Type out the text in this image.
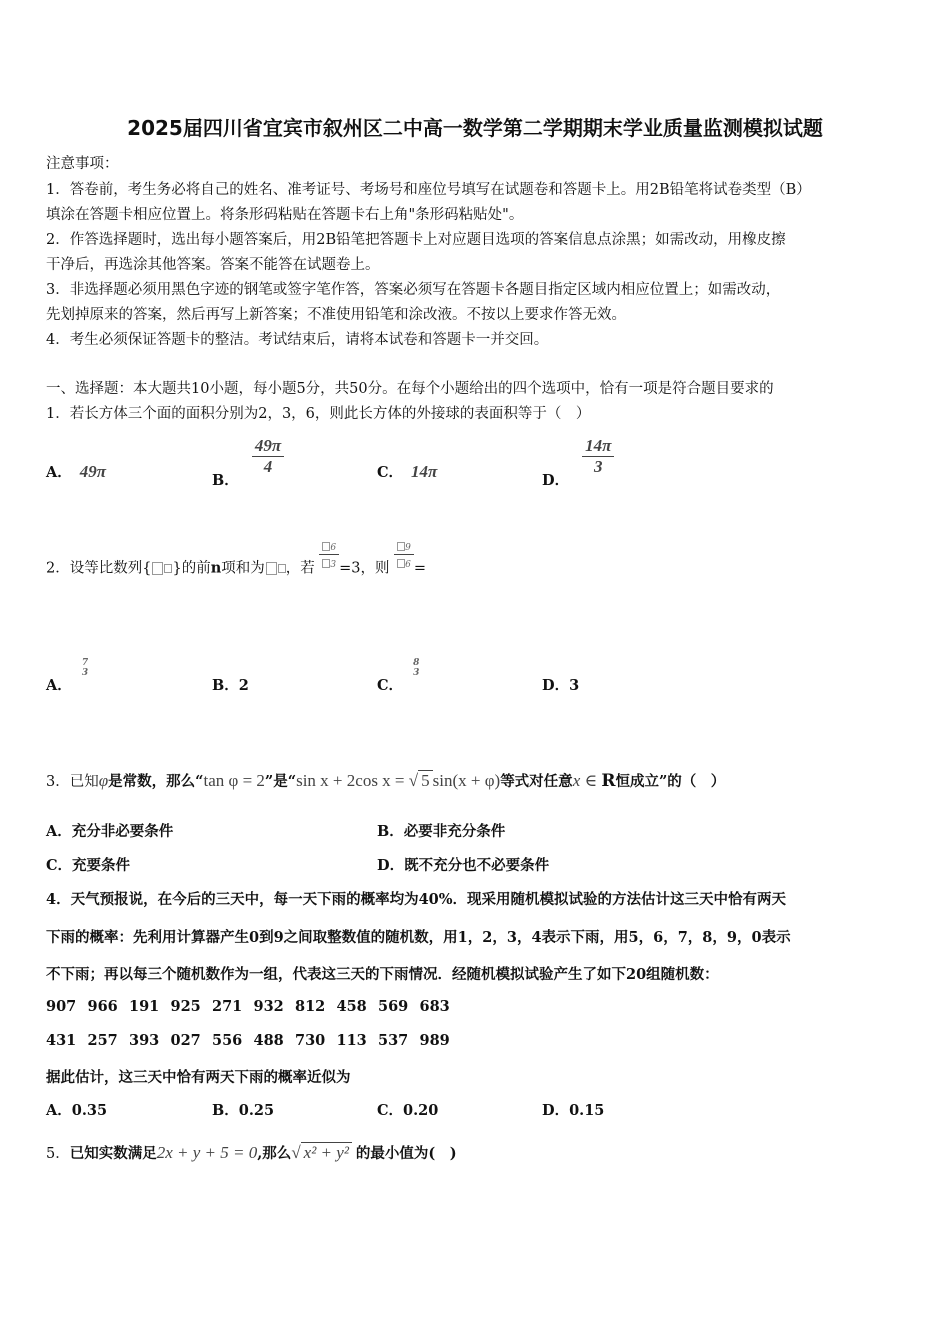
2025届四川省宜宾市叙州区二中高一数学第二学期期末学业质量监测模拟试题
注意事项：
1．答卷前，考生务必将自己的姓名、准考证号、考场号和座位号填写在试题卷和答题卡上。用2B铅笔将试卷类型（B）
填涂在答题卡相应位置上。将条形码粘贴在答题卡右上角"条形码粘贴处"。
2．作答选择题时，选出每小题答案后，用2B铅笔把答题卡上对应题目选项的答案信息点涂黑；如需改动，用橡皮擦
干净后，再选涂其他答案。答案不能答在试题卷上。
3．非选择题必须用黑色字迹的钢笔或签字笔作答，答案必须写在答题卡各题目指定区域内相应位置上；如需改动，
先划掉原来的答案，然后再写上新答案；不准使用铅笔和涂改液。不按以上要求作答无效。
4．考生必须保证答题卡的整洁。考试结束后，请将本试卷和答题卡一并交回。
一、选择题：本大题共10小题，每小题5分，共50分。在每个小题给出的四个选项中，恰有一项是符合题目要求的
1．若长方体三个面的面积分别为2，3，6，则此长方体的外接球的表面积等于（　）
A． 49π	B．
$\frac{49\pi}{4}$	C． 14π	D．
$\frac{14\pi}{3}$
2．设等比数列{ }的前n项和为 ，若 $\frac{6}{3} =3$，则 $\frac{9}{6}$ =
A．
7
3
B．2	C．
8
3
D．3
3．已知φ是常数，那么“tan φ = 2”是“sin x + 2cos x = √ 5 sin(x + φ)等式对任意x ∈ R恒成立”的（　）
A．充分非必要条件	B．必要非充分条件
C．充要条件	D．既不充分也不必要条件
4．天气预报说，在今后的三天中，每一天下雨的概率均为40%．现采用随机模拟试验的方法估计这三天中恰有两天
下雨的概率：先利用计算器产生0到9之间取整数值的随机数，用1，2，3，4表示下雨，用5，6，7，8，9，0表示
不下雨；再以每三个随机数作为一组，代表这三天的下雨情况．经随机模拟试验产生了如下20组随机数：
907 966 191 925 271 932 812 458 569 683
431 257 393 027 556 488 730 113 537 989
据此估计，这三天中恰有两天下雨的概率近似为
A．0.35	B．0.25	C．0.20	D．0.15
5．已知实数满足2x + y + 5 = 0,那么√ x² + y² 的最小值为(　)
